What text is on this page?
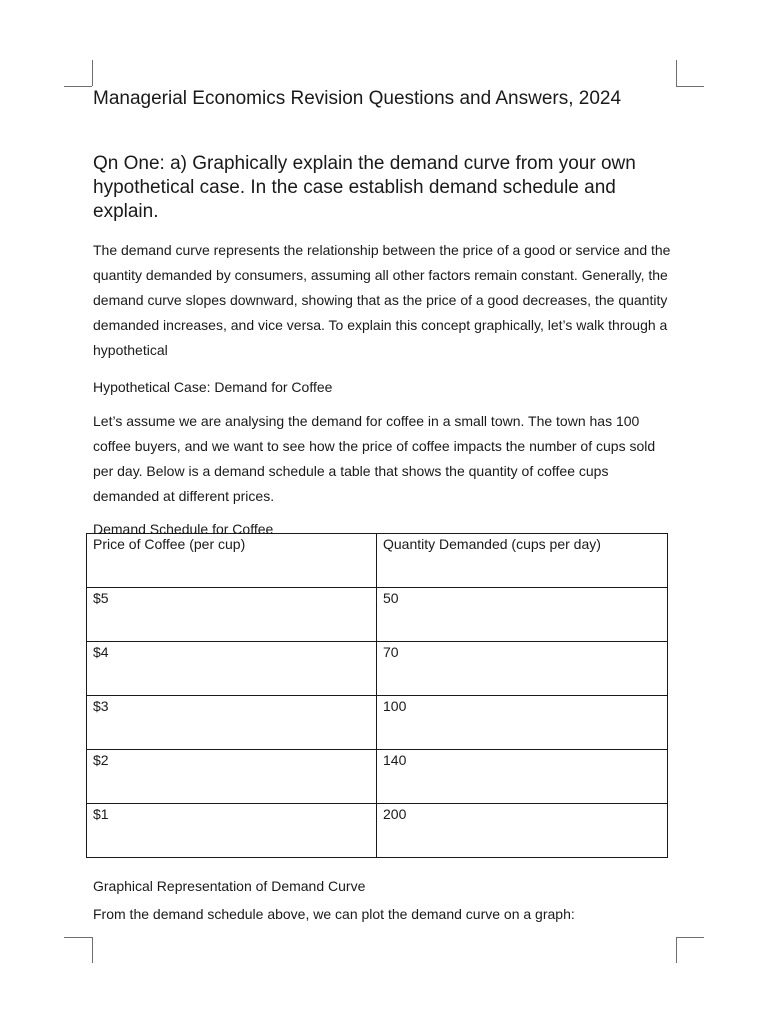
Managerial Economics Revision Questions and Answers, 2024
Qn One: a) Graphically explain the demand curve from your own hypothetical case. In the case establish demand schedule and explain.

The demand curve represents the relationship between the price of a good or service and the quantity demanded by consumers, assuming all other factors remain constant. Generally, the demand curve slopes downward, showing that as the price of a good decreases, the quantity demanded increases, and vice versa. To explain this concept graphically, let’s walk through a hypothetical

Hypothetical Case: Demand for Coffee

Let’s assume we are analysing the demand for coffee in a small town. The town has 100 coffee buyers, and we want to see how the price of coffee impacts the number of cups sold per day. Below is a demand schedule a table that shows the quantity of coffee cups demanded at different prices.

Demand Schedule for Coffee

Price of Coffee (per cup)	Quantity Demanded (cups per day)
$5	50
$4	70
$3	100
$2	140
$1	200

Graphical Representation of Demand Curve

From the demand schedule above, we can plot the demand curve on a graph:
